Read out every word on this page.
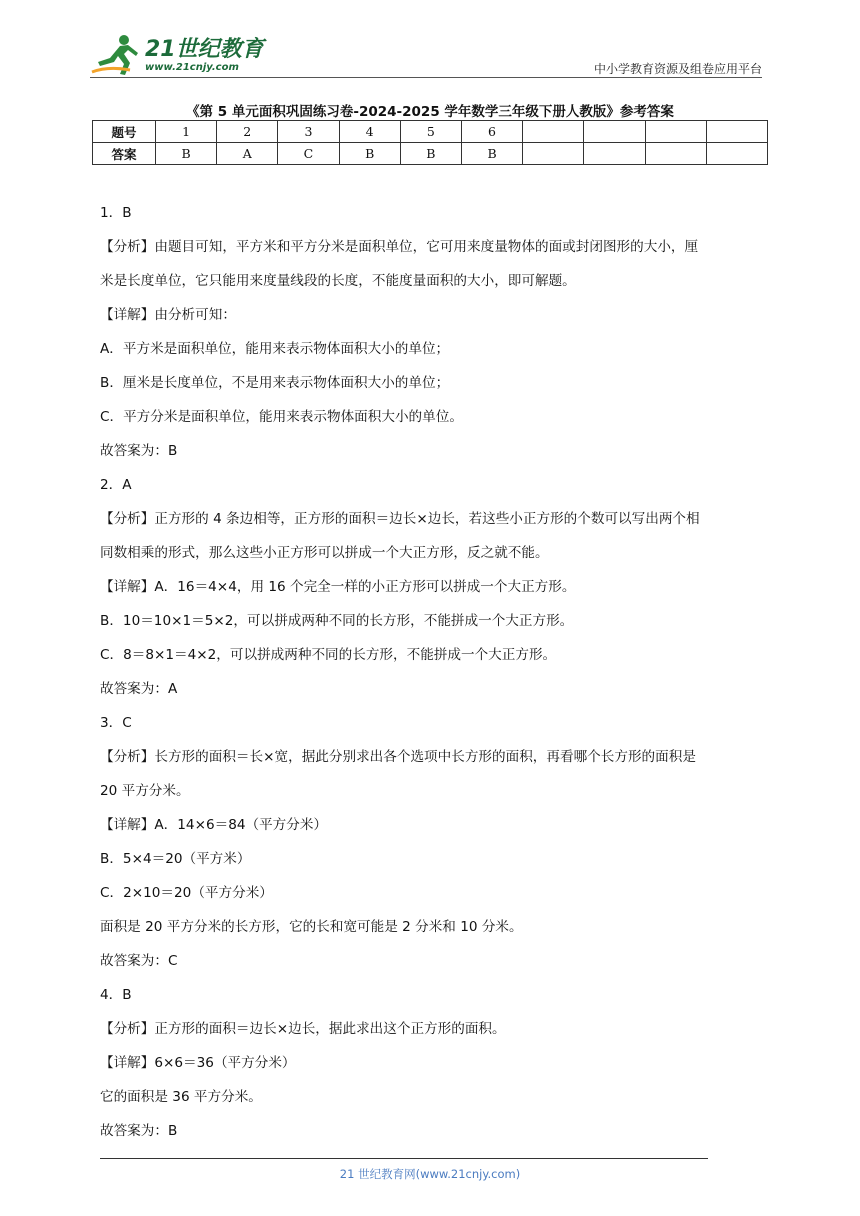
21世纪教育
www.21cnjy.com	中小学教育资源及组卷应用平台
《第 5 单元面积巩固练习卷-2024-2025 学年数学三年级下册人教版》参考答案
题号	1	2	3	4	5	6				
答案	B	A	C	B	B	B				
1．B
【分析】由题目可知，平方米和平方分米是面积单位，它可用来度量物体的面或封闭图形的大小，厘
米是长度单位，它只能用来度量线段的长度，不能度量面积的大小，即可解题。
【详解】由分析可知：
A．平方米是面积单位，能用来表示物体面积大小的单位；
B．厘米是长度单位，不是用来表示物体面积大小的单位；
C．平方分米是面积单位，能用来表示物体面积大小的单位。
故答案为：B
2．A
【分析】正方形的 4 条边相等，正方形的面积＝边长×边长，若这些小正方形的个数可以写出两个相
同数相乘的形式，那么这些小正方形可以拼成一个大正方形，反之就不能。
【详解】A．16＝4×4，用 16 个完全一样的小正方形可以拼成一个大正方形。
B．10＝10×1＝5×2，可以拼成两种不同的长方形，不能拼成一个大正方形。
C．8＝8×1＝4×2，可以拼成两种不同的长方形，不能拼成一个大正方形。
故答案为：A
3．C
【分析】长方形的面积＝长×宽，据此分别求出各个选项中长方形的面积，再看哪个长方形的面积是
20 平方分米。
【详解】A．14×6＝84（平方分米）
B．5×4＝20（平方米）
C．2×10＝20（平方分米）
面积是 20 平方分米的长方形，它的长和宽可能是 2 分米和 10 分米。
故答案为：C
4．B
【分析】正方形的面积＝边长×边长，据此求出这个正方形的面积。
【详解】6×6＝36（平方分米）
它的面积是 36 平方分米。
故答案为：B
21 世纪教育网(www.21cnjy.com)
